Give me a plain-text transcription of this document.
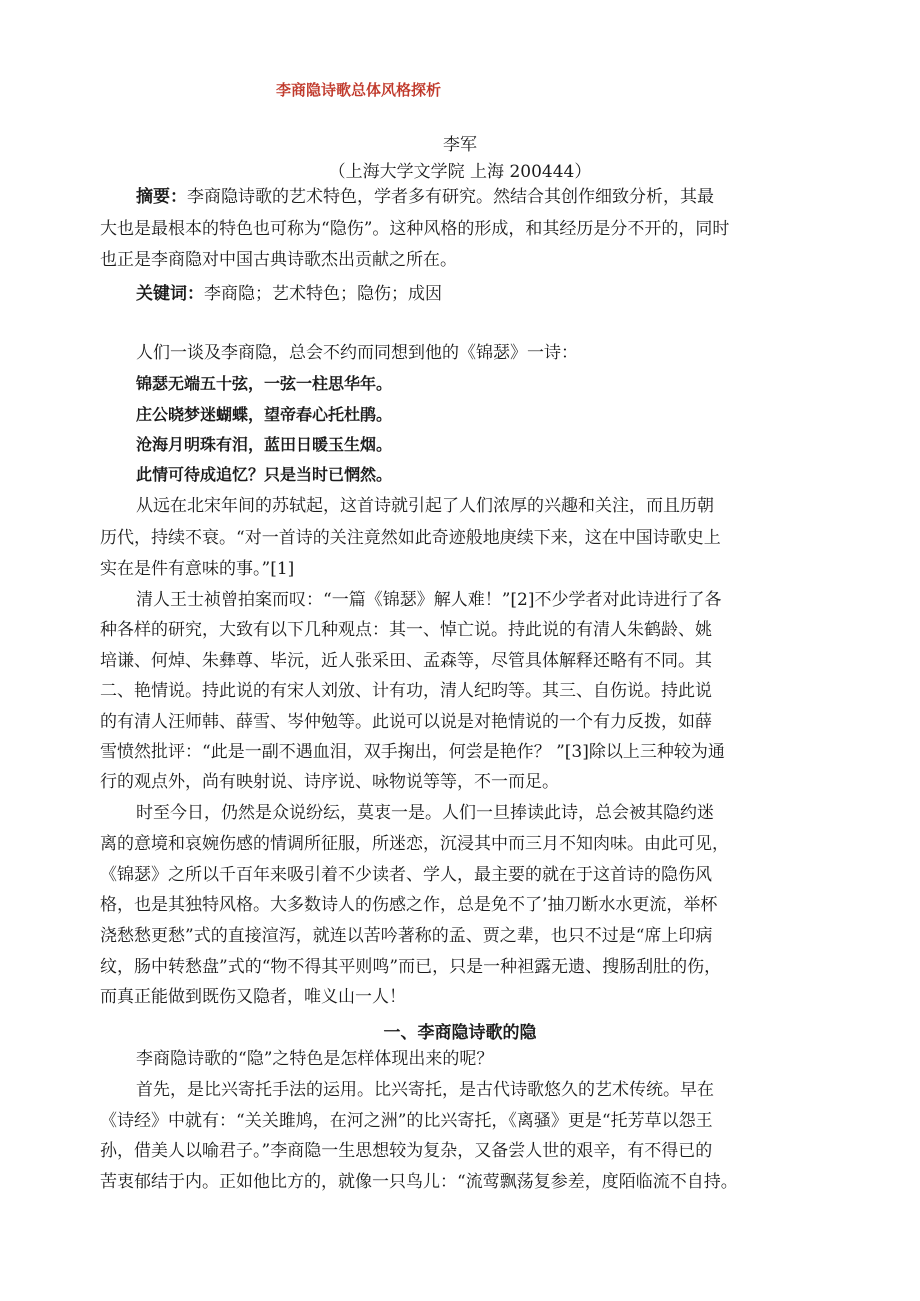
李商隐诗歌总体风格探析
李军
（上海大学文学院 上海 200444）
摘要：李商隐诗歌的艺术特色，学者多有研究。然结合其创作细致分析，其最
大也是最根本的特色也可称为“隐伤”。这种风格的形成，和其经历是分不开的，同时
也正是李商隐对中国古典诗歌杰出贡献之所在。
关键词：李商隐；艺术特色；隐伤；成因
人们一谈及李商隐，总会不约而同想到他的《锦瑟》一诗：
锦瑟无端五十弦，一弦一柱思华年。
庄公晓梦迷蝴蝶，望帝春心托杜鹃。
沧海月明珠有泪，蓝田日暖玉生烟。
此情可待成追忆？只是当时已惘然。
从远在北宋年间的苏轼起，这首诗就引起了人们浓厚的兴趣和关注，而且历朝
历代，持续不衰。“对一首诗的关注竟然如此奇迹般地庚续下来，这在中国诗歌史上
实在是件有意味的事。”[1]
清人王士祯曾拍案而叹：“一篇《锦瑟》解人难！”[2]不少学者对此诗进行了各
种各样的研究，大致有以下几种观点：其一、悼亡说。持此说的有清人朱鹤龄、姚
培谦、何焯、朱彝尊、毕沅，近人张采田、孟森等，尽管具体解释还略有不同。其
二、艳情说。持此说的有宋人刘攽、计有功，清人纪昀等。其三、自伤说。持此说
的有清人汪师韩、薛雪、岑仲勉等。此说可以说是对艳情说的一个有力反拨，如薛
雪愤然批评：“此是一副不遇血泪，双手掬出，何尝是艳作？ ”[3]除以上三种较为通
行的观点外，尚有映射说、诗序说、咏物说等等，不一而足。
时至今日，仍然是众说纷纭，莫衷一是。人们一旦捧读此诗，总会被其隐约迷
离的意境和哀婉伤感的情调所征服，所迷恋，沉浸其中而三月不知肉味。由此可见，
《锦瑟》之所以千百年来吸引着不少读者、学人，最主要的就在于这首诗的隐伤风
格，也是其独特风格。大多数诗人的伤感之作，总是免不了’抽刀断水水更流，举杯
浇愁愁更愁”式的直接渲泻，就连以苦吟著称的孟、贾之辈，也只不过是“席上印病
纹，肠中转愁盘”式的“物不得其平则鸣”而已，只是一种袒露无遗、搜肠刮肚的伤，
而真正能做到既伤又隐者，唯义山一人！
一、李商隐诗歌的隐
李商隐诗歌的“隐”之特色是怎样体现出来的呢？
首先，是比兴寄托手法的运用。比兴寄托，是古代诗歌悠久的艺术传统。早在
《诗经》中就有：“关关雎鸠，在河之洲”的比兴寄托，《离骚》更是“托芳草以怨王
孙，借美人以喻君子。”李商隐一生思想较为复杂，又备尝人世的艰辛，有不得已的
苦衷郁结于内。正如他比方的，就像一只鸟儿：“流莺飘荡复参差，度陌临流不自持。
